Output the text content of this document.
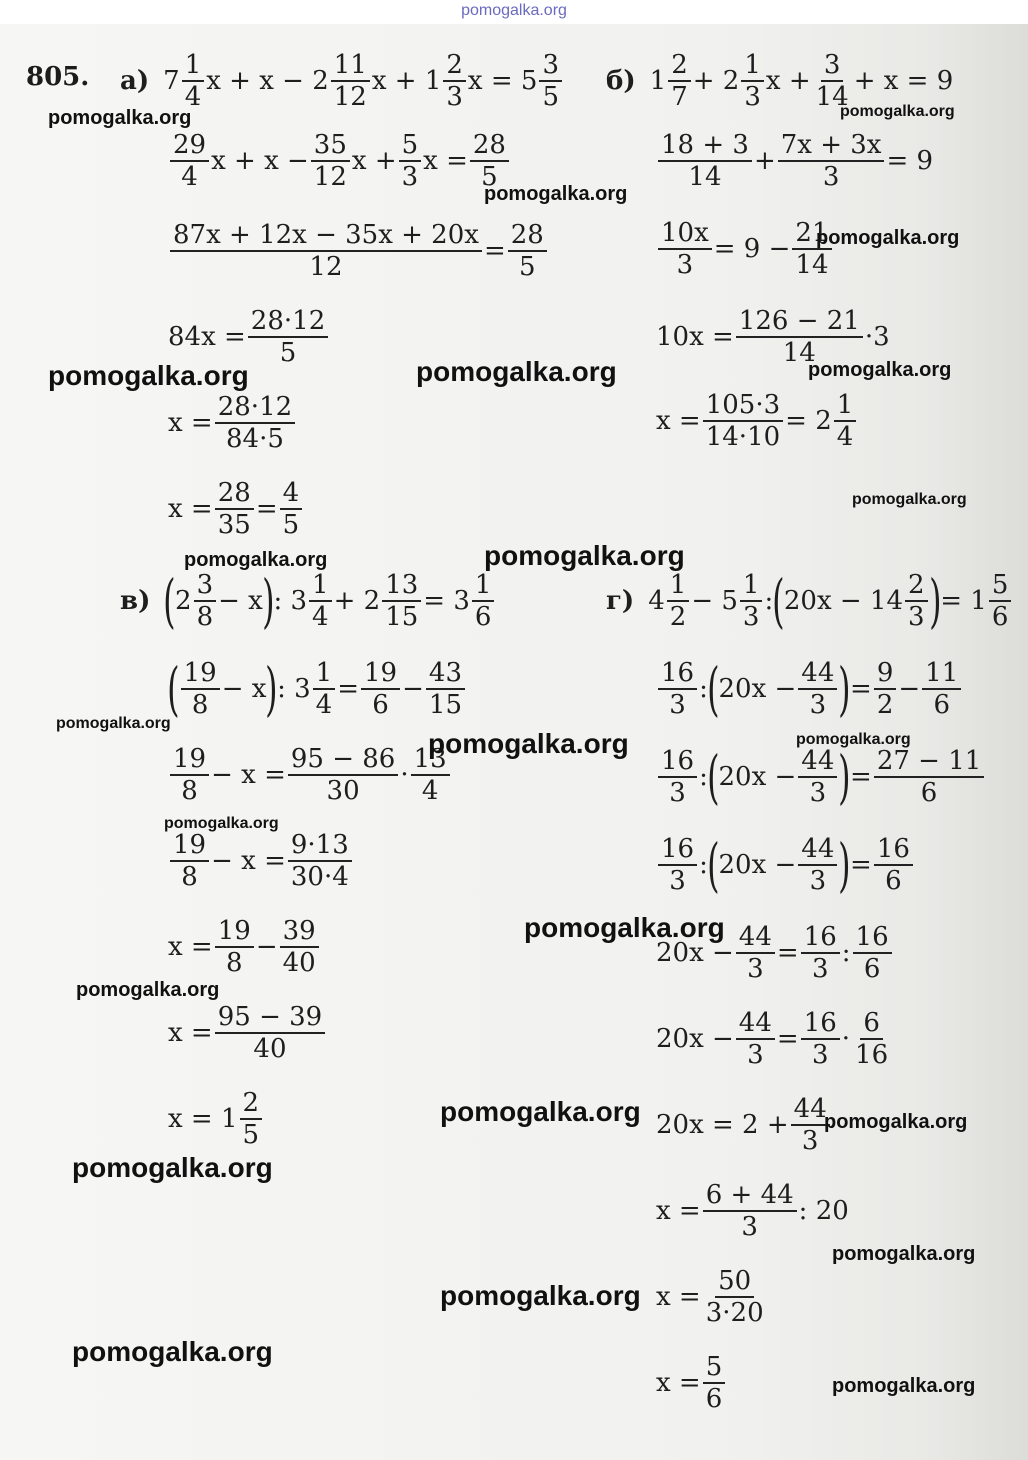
pomogalka.org
805. а) $7 \frac{1}{4}$ $x + x - 2 \frac{11}{12}$ $x + 1 \frac{2}{3}$ $x = 5 \frac{3}{5}$
$\frac{29}{4}$ $x + x - \frac{35}{12}$ $x + \frac{5}{3}$ $x = \frac{28}{5}$
$\frac{87x + 12x - 35x + 20x}{12} = \frac{28}{5}$
$84x = \frac{28\cdot 12}{5}$
$x = \frac{28\cdot 12}{84\cdot 5}$
$x = \frac{28}{35} = \frac{4}{5}$
б) $1 \frac{2}{7} + 2 \frac{1}{3}$ $x + \frac{3}{14} + x = 9$
$\frac{18 + 3}{14} + \frac{7x + 3x}{3} = 9$
$\frac{10x}{3} = 9 - \frac{21}{14}$
$10x = \frac{126 - 21}{14} \cdot 3$
$x = \frac{105\cdot 3}{14\cdot 10} = 2 \frac{1}{4}$
в) ( $2 \frac{3}{8} - x$ ) : $3 \frac{1}{4} + 2 \frac{13}{15} = 3 \frac{1}{6}$
( $\frac{19}{8} - x$ ) : $3 \frac{1}{4} = \frac{19}{6} - \frac{43}{15}$
$\frac{19}{8} - x = \frac{95 - 86}{30} \cdot \frac{13}{4}$
$\frac{19}{8} - x = \frac{9\cdot 13}{30\cdot 4}$
$x = \frac{19}{8} - \frac{39}{40}$
$x = \frac{95 - 39}{40}$
$x = 1 \frac{2}{5}$
г) $4 \frac{1}{2} - 5 \frac{1}{3}$ : ( $20x - 14 \frac{2}{3}$ ) = $1 \frac{5}{6}$
$\frac{16}{3}$ : ( $20x - \frac{44}{3}$ ) = $\frac{9}{2} - \frac{11}{6}$
$\frac{16}{3}$ : ( $20x - \frac{44}{3}$ ) = $\frac{27 - 11}{6}$
$\frac{16}{3}$ : ( $20x - \frac{44}{3}$ ) = $\frac{16}{6}$
$20x - \frac{44}{3} = \frac{16}{3}$ : $\frac{16}{6}$
$20x - \frac{44}{3} = \frac{16}{3} \cdot \frac{6}{16}$
$20x = 2 + \frac{44}{3}$
$x = \frac{6 + 44}{3}$ : 20
$x = \frac{50}{3\cdot 20}$
$x = \frac{5}{6}$
pomogalka.org	pomogalka.org
pomogalka.org
pomogalka.org
pomogalka.org	pomogalka.org	pomogalka.org
pomogalka.org
pomogalka.org	pomogalka.org
pomogalka.org
pomogalka.org	pomogalka.org
pomogalka.org
pomogalka.org
pomogalka.org
pomogalka.org	pomogalka.org
pomogalka.org
pomogalka.org
pomogalka.org
pomogalka.org
pomogalka.org
